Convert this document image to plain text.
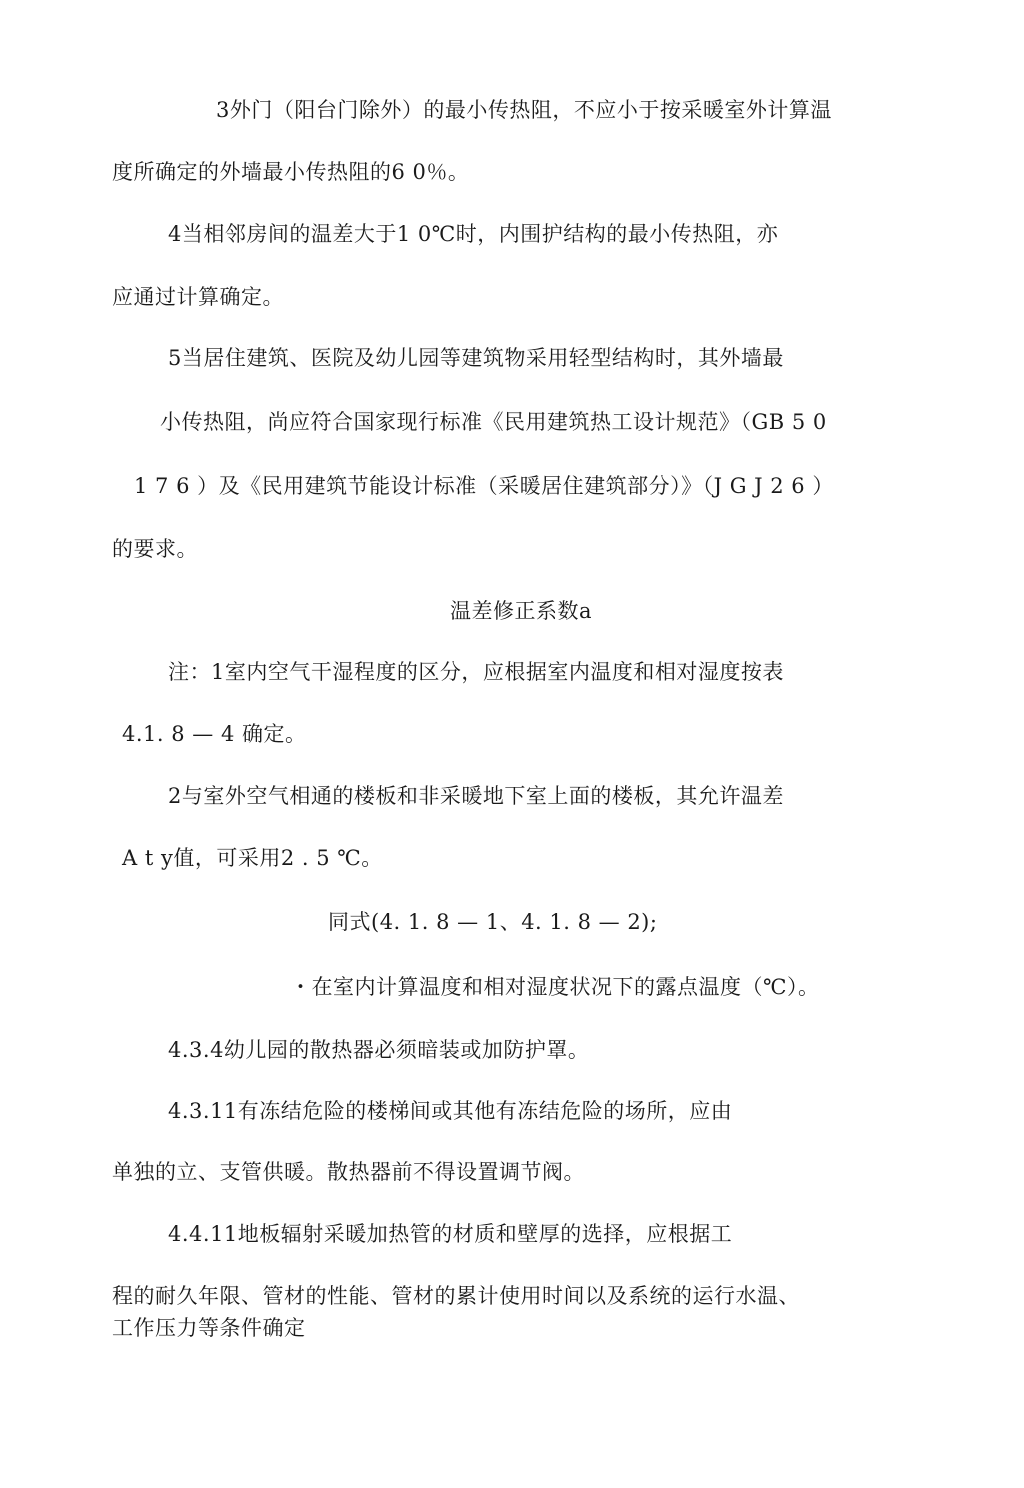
3外门（阳台门除外）的最小传热阻，不应小于按采暖室外计算温
度所确定的外墙最小传热阻的6 0％。
4当相邻房间的温差大于1 0℃时，内围护结构的最小传热阻，亦
应通过计算确定。
5当居住建筑、医院及幼儿园等建筑物采用轻型结构时，其外墙最
小传热阻，尚应符合国家现行标准《民用建筑热工设计规范》（GB 5 0
1 7 6 ）及《民用建筑节能设计标准（采暖居住建筑部分）》（J G J 2 6 ）
的要求。
温差修正系数a
注：1室内空气干湿程度的区分，应根据室内温度和相对湿度按表
4.1. 8 — 4 确定。
2与室外空气相通的楼板和非采暖地下室上面的楼板，其允许温差
A t y值，可采用2 . 5 ℃。
同式(4. 1. 8 — 1、4. 1. 8 — 2);
・在室内计算温度和相对湿度状况下的露点温度（℃）。
4.3.4幼儿园的散热器必须暗装或加防护罩。
4.3.11有冻结危险的楼梯间或其他有冻结危险的场所，应由
单独的立、支管供暖。散热器前不得设置调节阀。
4.4.11地板辐射采暖加热管的材质和壁厚的选择，应根据工
程的耐久年限、管材的性能、管材的累计使用时间以及系统的运行水温、
工作压力等条件确定
